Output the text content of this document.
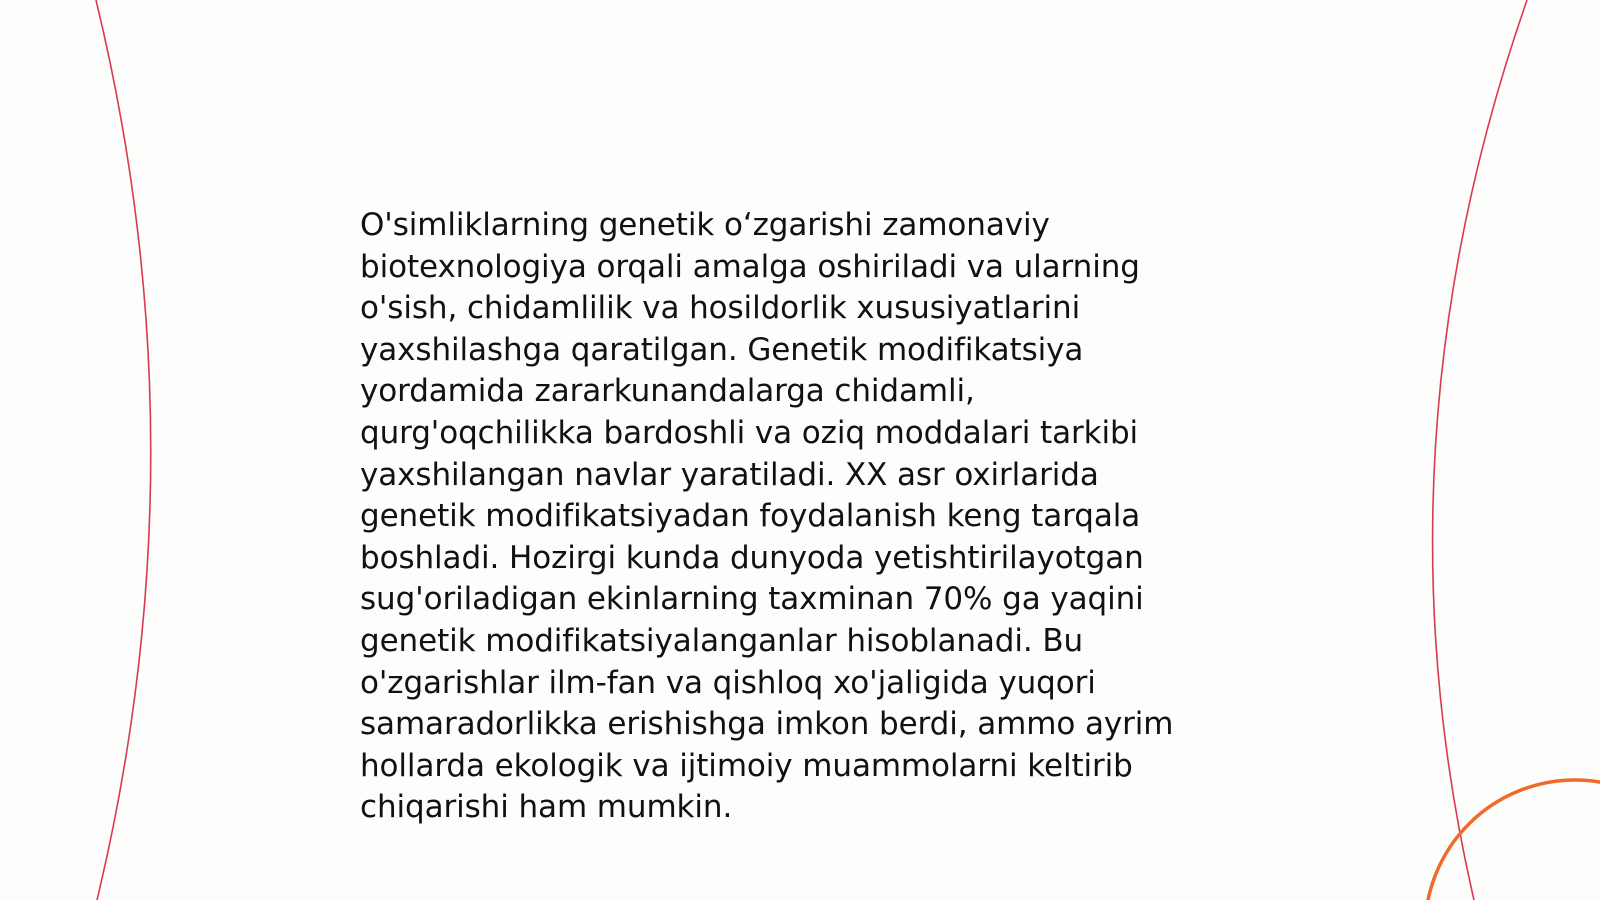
O'simliklarning genetik o‘zgarishi zamonaviy
biotexnologiya orqali amalga oshiriladi va ularning
o'sish, chidamlilik va hosildorlik xususiyatlarini
yaxshilashga qaratilgan. Genetik modifikatsiya
yordamida zararkunandalarga chidamli,
qurg'oqchilikka bardoshli va oziq moddalari tarkibi
yaxshilangan navlar yaratiladi. XX asr oxirlarida
genetik modifikatsiyadan foydalanish keng tarqala
boshladi. Hozirgi kunda dunyoda yetishtirilayotgan
sug'oriladigan ekinlarning taxminan 70% ga yaqini
genetik modifikatsiyalanganlar hisoblanadi. Bu
o'zgarishlar ilm-fan va qishloq xo'jaligida yuqori
samaradorlikka erishishga imkon berdi, ammo ayrim
hollarda ekologik va ijtimoiy muammolarni keltirib
chiqarishi ham mumkin.
